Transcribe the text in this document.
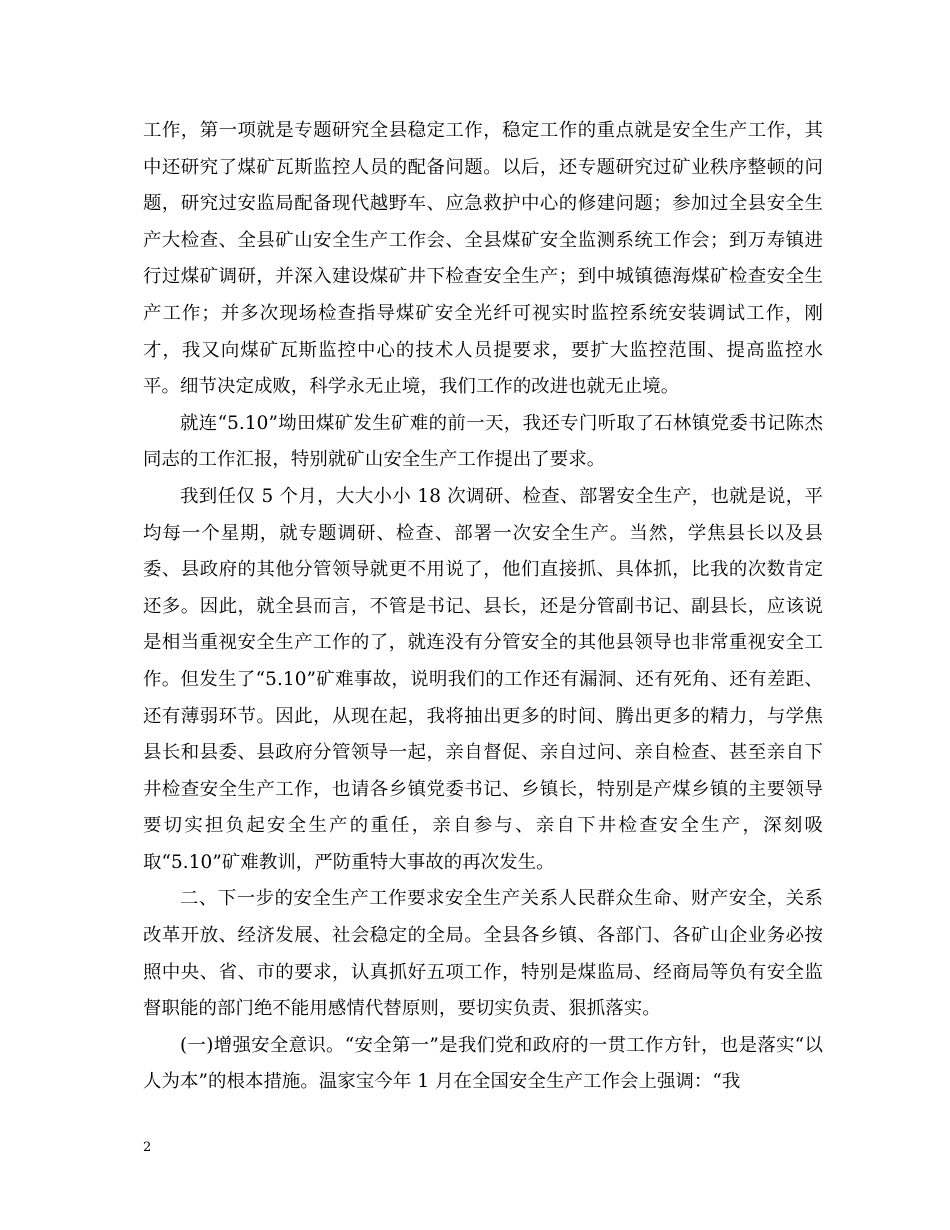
工作，第一项就是专题研究全县稳定工作，稳定工作的重点就是安全生产工作，其中还研究了煤矿瓦斯监控人员的配备问题。以后，还专题研究过矿业秩序整顿的问题，研究过安监局配备现代越野车、应急救护中心的修建问题；参加过全县安全生产大检查、全县矿山安全生产工作会、全县煤矿安全监测系统工作会；到万寿镇进行过煤矿调研，并深入建设煤矿井下检查安全生产；到中城镇德海煤矿检查安全生产工作；并多次现场检查指导煤矿安全光纤可视实时监控系统安装调试工作，刚才，我又向煤矿瓦斯监控中心的技术人员提要求，要扩大监控范围、提高监控水平。细节决定成败，科学永无止境，我们工作的改进也就无止境。

就连“5.10”坳田煤矿发生矿难的前一天，我还专门听取了石林镇党委书记陈杰同志的工作汇报，特别就矿山安全生产工作提出了要求。

我到任仅 5 个月，大大小小 18 次调研、检查、部署安全生产，也就是说，平均每一个星期，就专题调研、检查、部署一次安全生产。当然，学焦县长以及县委、县政府的其他分管领导就更不用说了，他们直接抓、具体抓，比我的次数肯定还多。因此，就全县而言，不管是书记、县长，还是分管副书记、副县长，应该说是相当重视安全生产工作的了，就连没有分管安全的其他县领导也非常重视安全工作。但发生了“5.10”矿难事故，说明我们的工作还有漏洞、还有死角、还有差距、还有薄弱环节。因此，从现在起，我将抽出更多的时间、腾出更多的精力，与学焦县长和县委、县政府分管领导一起，亲自督促、亲自过问、亲自检查、甚至亲自下井检查安全生产工作，也请各乡镇党委书记、乡镇长，特别是产煤乡镇的主要领导要切实担负起安全生产的重任，亲自参与、亲自下井检查安全生产，深刻吸取“5.10”矿难教训，严防重特大事故的再次发生。

二、下一步的安全生产工作要求安全生产关系人民群众生命、财产安全，关系改革开放、经济发展、社会稳定的全局。全县各乡镇、各部门、各矿山企业务必按照中央、省、市的要求，认真抓好五项工作，特别是煤监局、经商局等负有安全监督职能的部门绝不能用感情代替原则，要切实负责、狠抓落实。

(一)增强安全意识。“安全第一”是我们党和政府的一贯工作方针，也是落实“以人为本”的根本措施。温家宝今年 1 月在全国安全生产工作会上强调：“我

2
